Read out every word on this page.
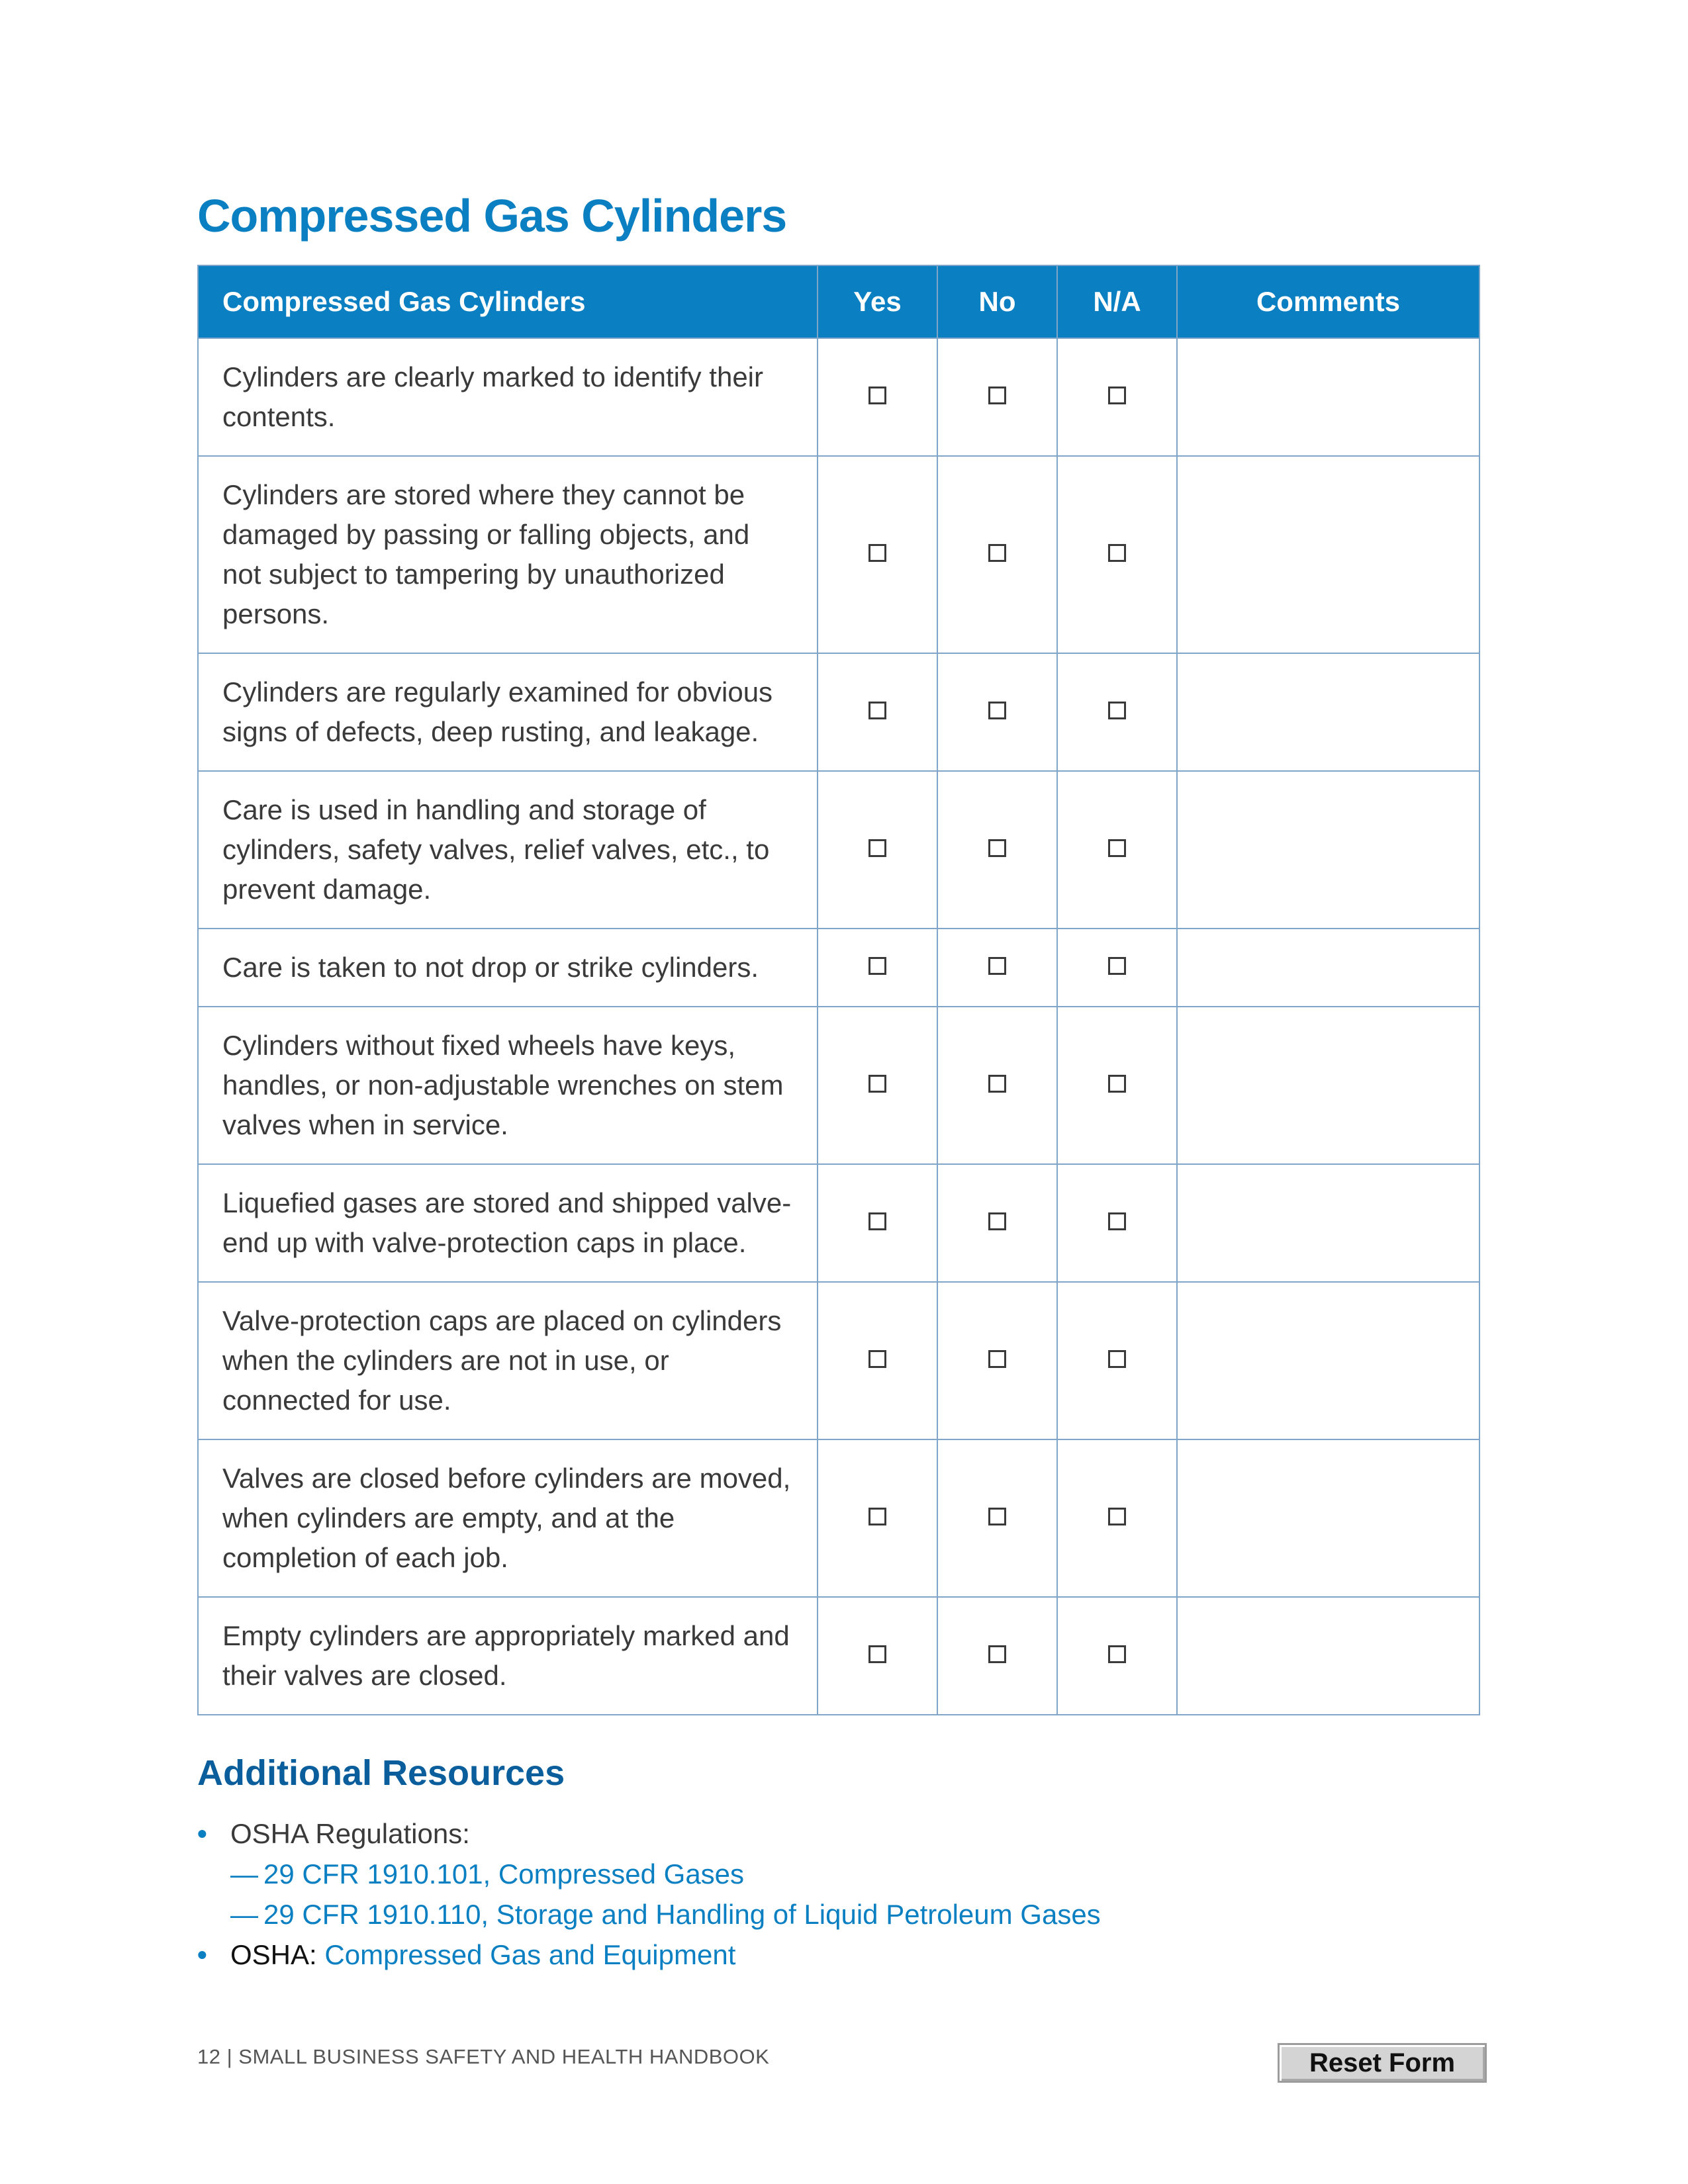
Compressed Gas Cylinders
Compressed Gas Cylinders	Yes	No	N/A	Comments
Cylinders are clearly marked to identify their contents.				
Cylinders are stored where they cannot be damaged by passing or falling objects, and not subject to tampering by unauthorized persons.				
Cylinders are regularly examined for obvious signs of defects, deep rusting, and leakage.				
Care is used in handling and storage of cylinders, safety valves, relief valves, etc., to prevent damage.				
Care is taken to not drop or strike cylinders.				
Cylinders without fixed wheels have keys, handles, or non-adjustable wrenches on stem valves when in service.				
Liquefied gases are stored and shipped valve-end up with valve-protection caps in place.				
Valve-protection caps are placed on cylinders when the cylinders are not in use, or connected for use.				
Valves are closed before cylinders are moved, when cylinders are empty, and at the completion of each job.				
Empty cylinders are appropriately marked and their valves are closed.				
Additional Resources
• OSHA Regulations:
— 29 CFR 1910.101, Compressed Gases
— 29 CFR 1910.110, Storage and Handling of Liquid Petroleum Gases
• OSHA: Compressed Gas and Equipment
12 | SMALL BUSINESS SAFETY AND HEALTH HANDBOOK	Reset Form
